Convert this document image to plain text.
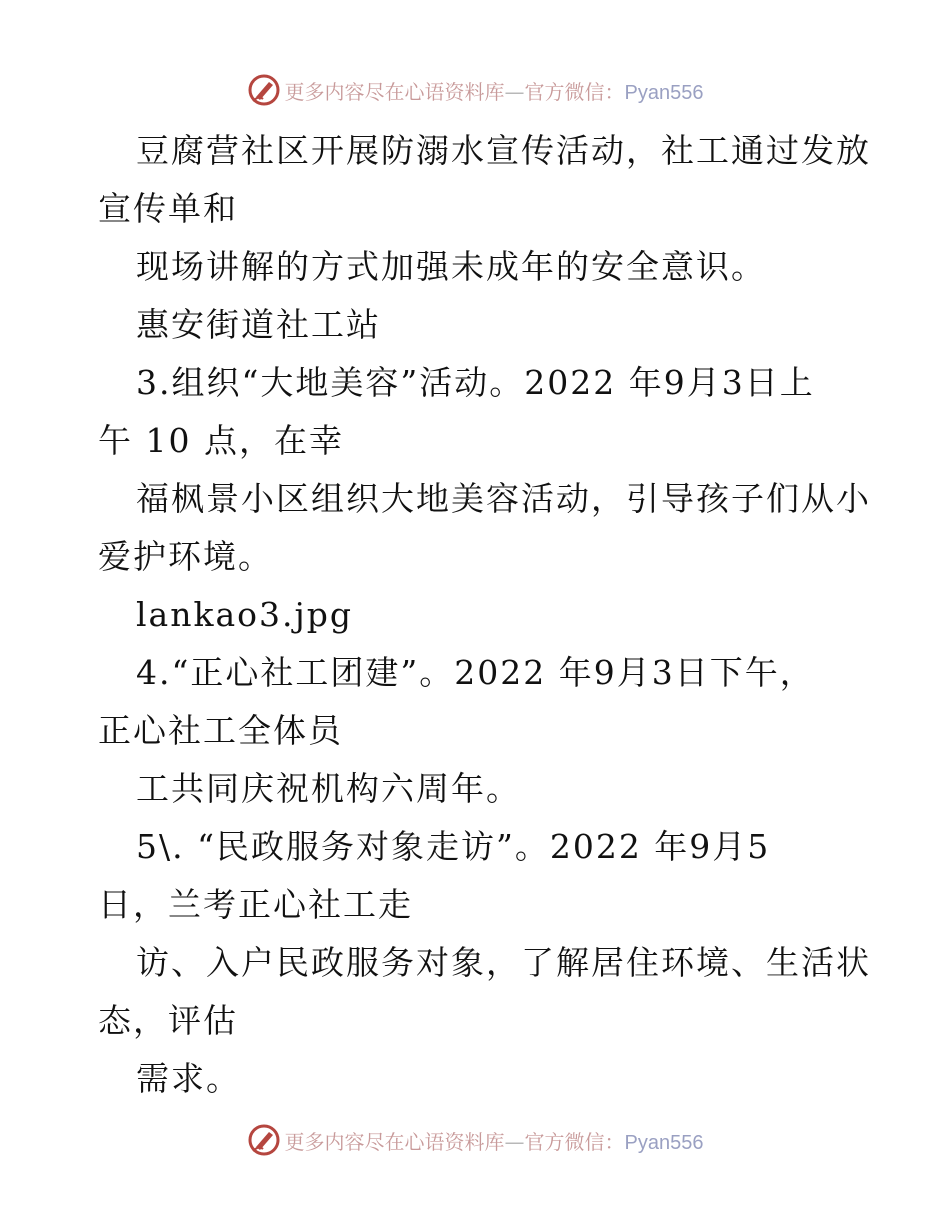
更多内容尽在心语资料库—官方微信：Pyan556

豆腐营社区开展防溺水宣传活动，社工通过发放

宣传单和

现场讲解的方式加强未成年的安全意识。

惠安街道社工站

3.组织“大地美容”活动。2022 年9月3日上

午 10 点，在幸

福枫景小区组织大地美容活动，引导孩子们从小

爱护环境。

lankao3.jpg

4.“正心社工团建”。2022 年9月3日下午，

正心社工全体员

工共同庆祝机构六周年。

5\. “民政服务对象走访”。2022 年9月5

日，兰考正心社工走

访、入户民政服务对象，了解居住环境、生活状

态，评估

需求。

更多内容尽在心语资料库—官方微信：Pyan556
